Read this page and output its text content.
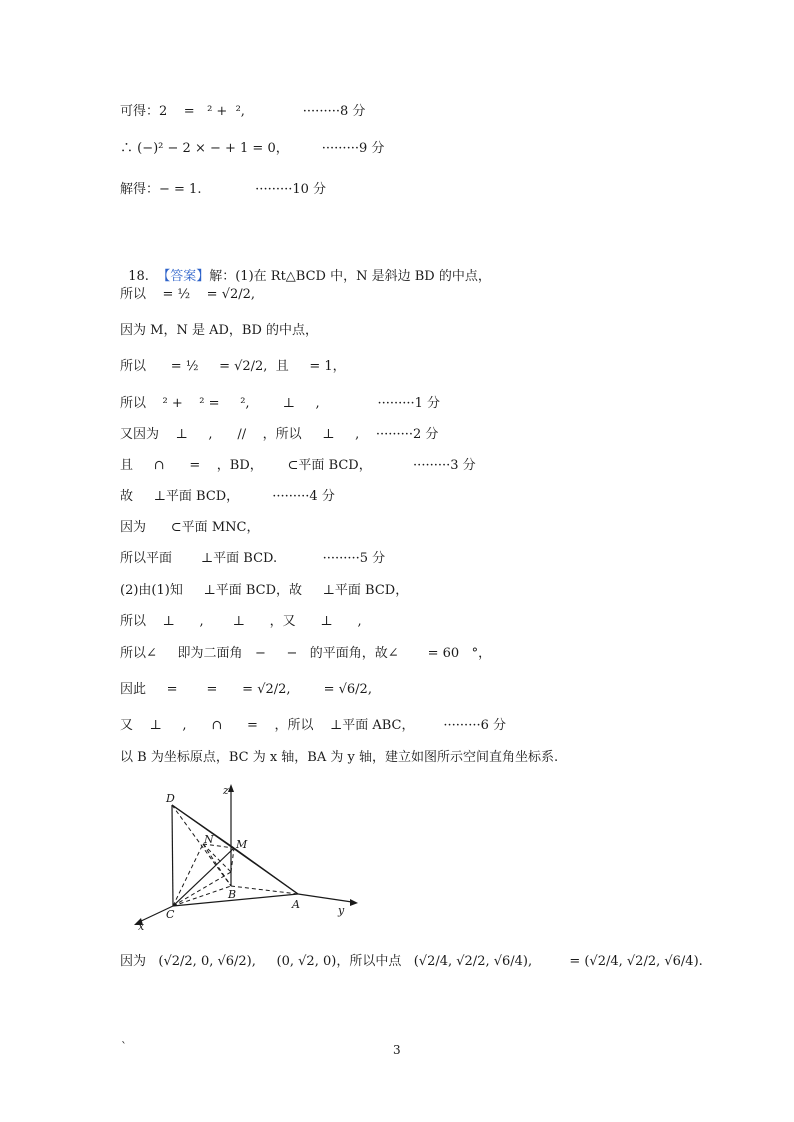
可得：2    =   ² +  ²,              ·········8 分
∴ (−)² − 2 × − + 1 = 0，        ·········9 分
解得：− = 1.             ·········10 分

18.  【答案】解：(1)在 Rt△BCD 中，N 是斜边 BD 的中点，

所以    = ½    = √2/2,
因为 M，N 是 AD，BD 的中点，
所以      = ½     = √2/2,  且     = 1，
所以    ² +    ² =     ²,        ⊥     ,              ·········1 分
又因为    ⊥     ,      //    ，所以     ⊥     ,    ·········2 分
且     ∩      =    ，BD，      ⊂平面 BCD，          ·········3 分
故     ⊥平面 BCD，        ·········4 分
因为      ⊂平面 MNC，
所以平面       ⊥平面 BCD.           ·········5 分
(2)由(1)知     ⊥平面 BCD，故     ⊥平面 BCD，
所以    ⊥      ,       ⊥      ，又      ⊥      ,
所以∠     即为二面角   −     −   的平面角，故∠       = 60   °，
因此     =       =      = √2/2,        = √6/2,
又    ⊥     ,      ∩      =    ，所以    ⊥平面 ABC，       ·········6 分
以 B 为坐标原点，BC 为 x 轴，BA 为 y 轴，建立如图所示空间直角坐标系.
D
z
N M
B
A
C
x
y
因为   (√2/2, 0, √6/2),     (0, √2, 0)，所以中点   (√2/4, √2/2, √6/4),         = (√2/4, √2/2, √6/4).
`	3
